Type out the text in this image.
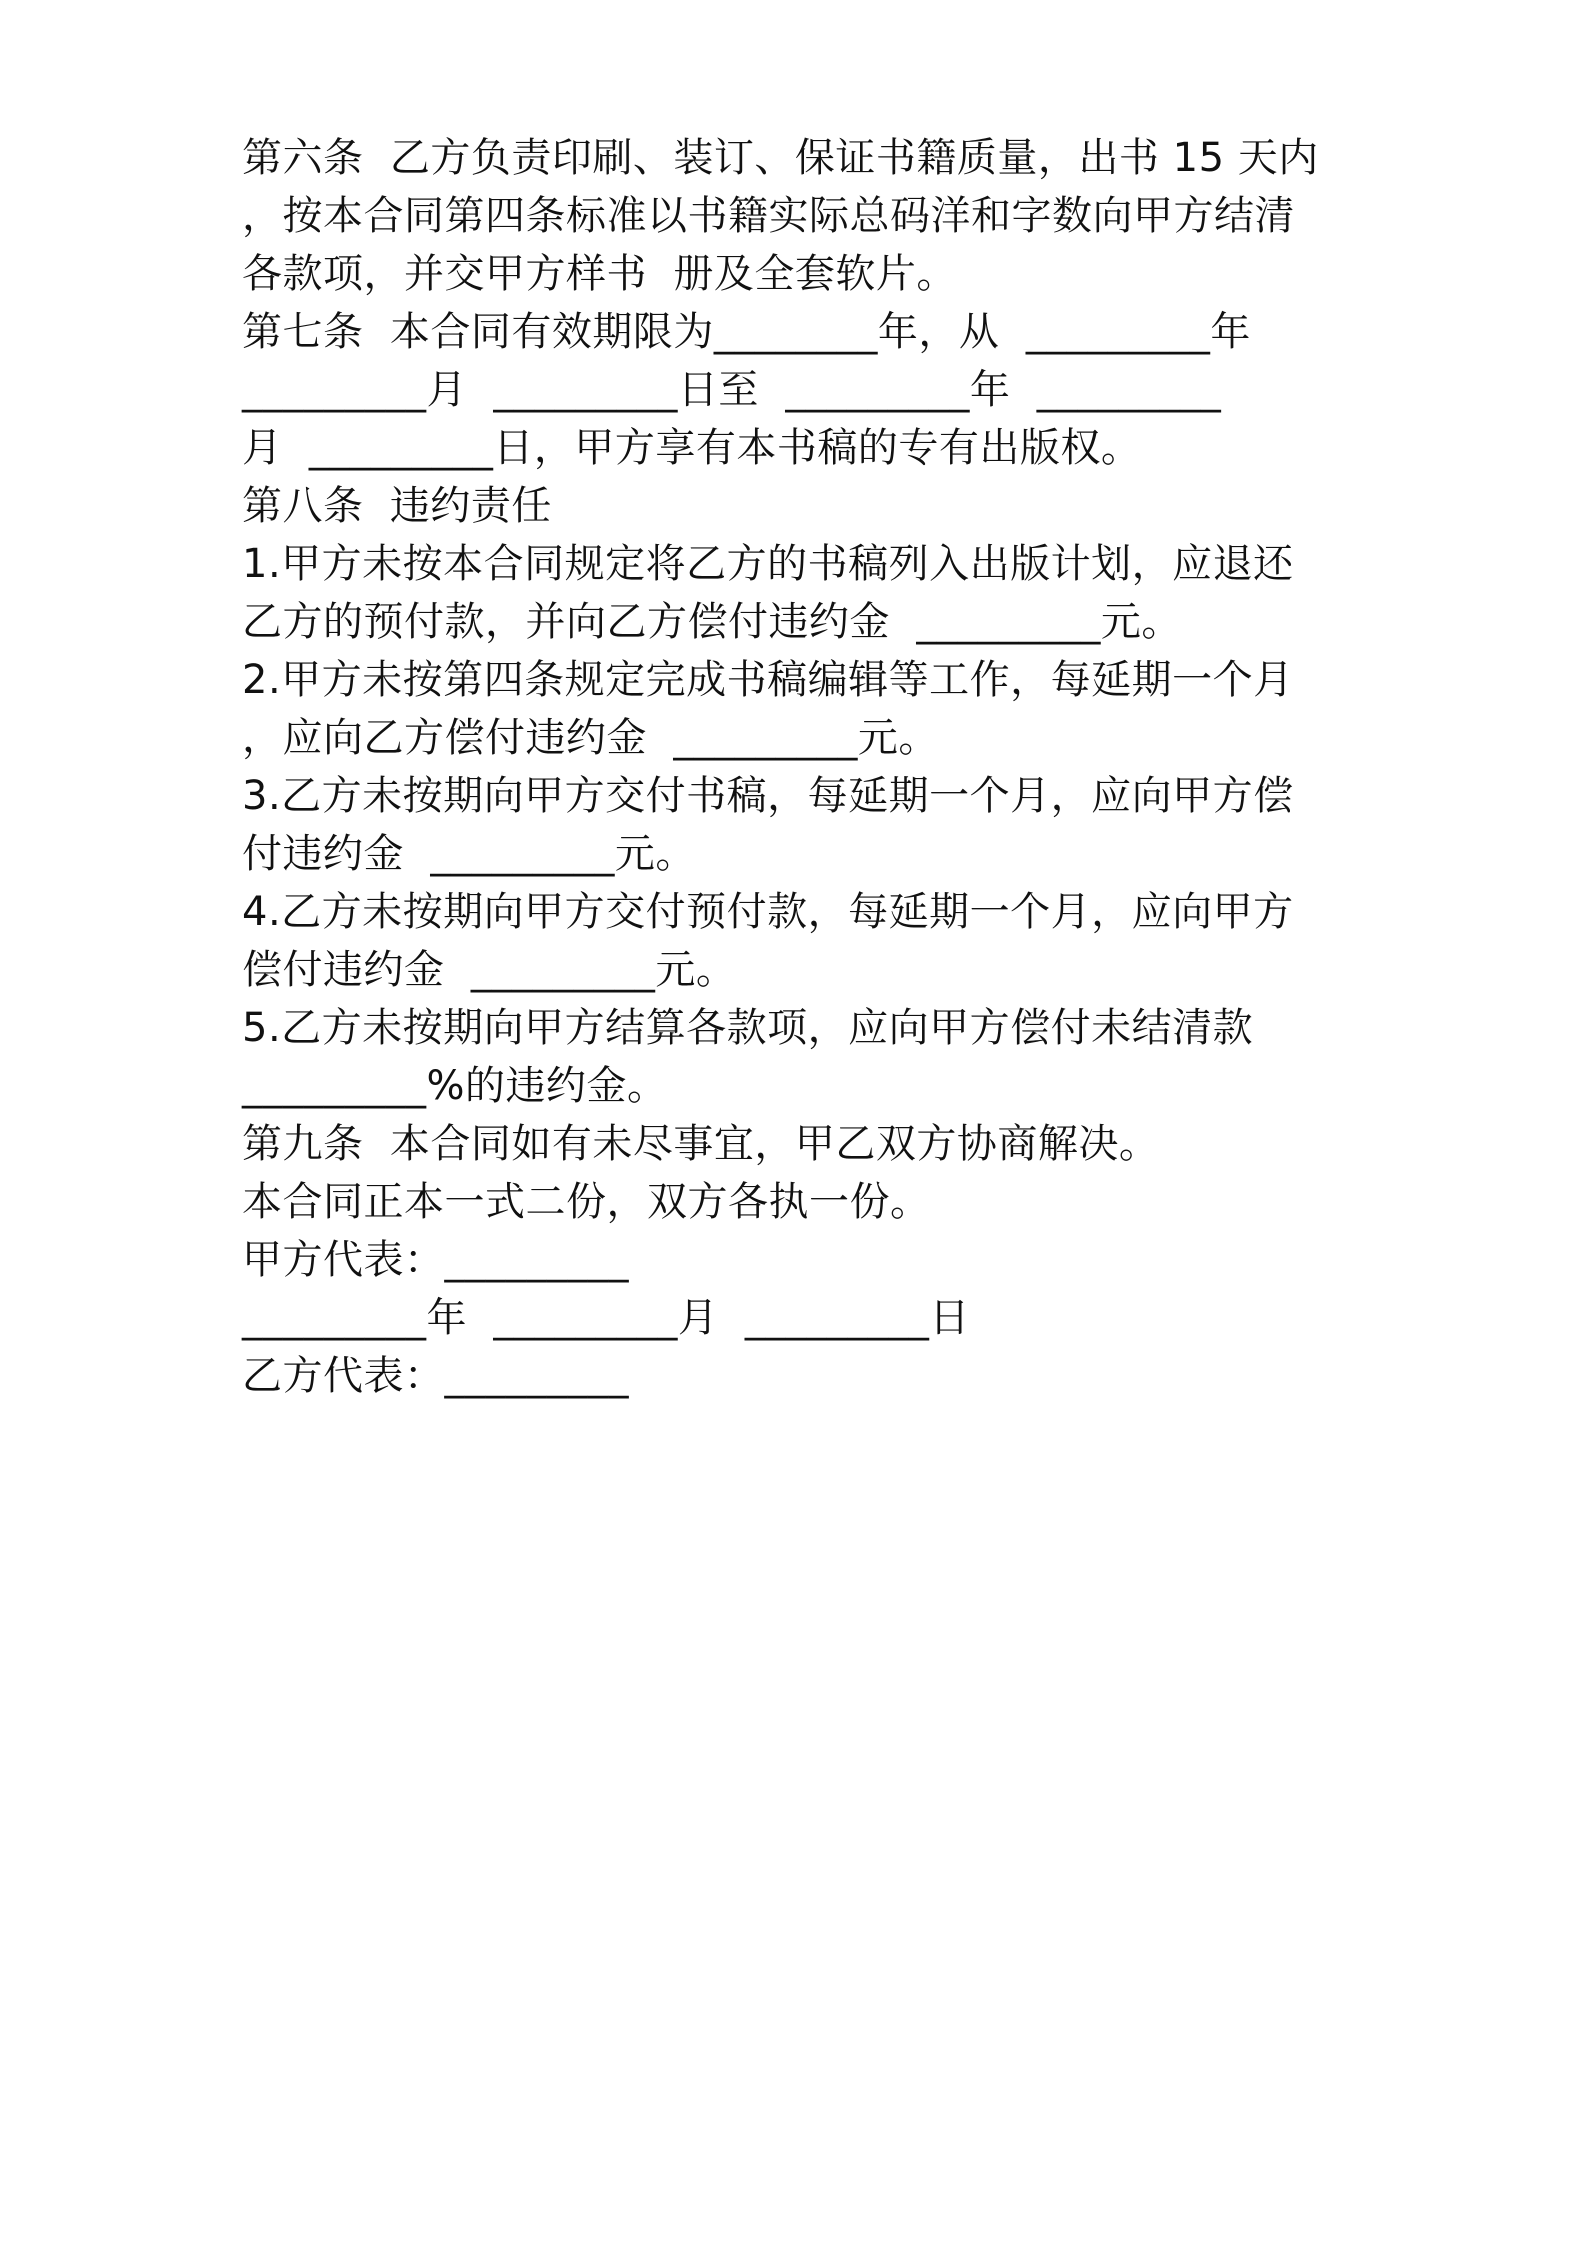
第六条  乙方负责印刷、装订、保证书籍质量，出书 15 天内
，按本合同第四条标准以书籍实际总码洋和字数向甲方结清
各款项，并交甲方样书  册及全套软片。
第七条  本合同有效期限为________年，从  _________年
_________月  _________日至  _________年  _________
月  _________日，甲方享有本书稿的专有出版权。
第八条  违约责任
1.甲方未按本合同规定将乙方的书稿列入出版计划，应退还
乙方的预付款，并向乙方偿付违约金  _________元。
2.甲方未按第四条规定完成书稿编辑等工作，每延期一个月
，应向乙方偿付违约金  _________元。
3.乙方未按期向甲方交付书稿，每延期一个月，应向甲方偿
付违约金  _________元。
4.乙方未按期向甲方交付预付款，每延期一个月，应向甲方
偿付违约金  _________元。
5.乙方未按期向甲方结算各款项，应向甲方偿付未结清款
_________%的违约金。
第九条  本合同如有未尽事宜，甲乙双方协商解决。
本合同正本一式二份，双方各执一份。
甲方代表：_________
_________年  _________月  _________日
乙方代表：_________
